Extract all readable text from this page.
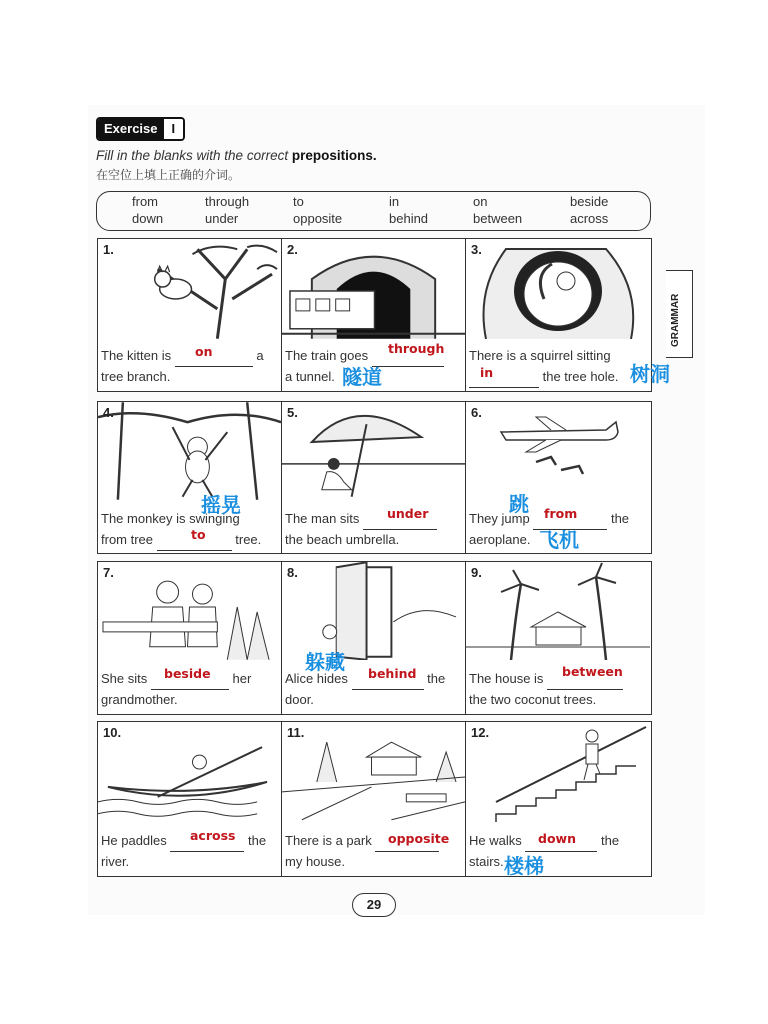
Exercise	I
Fill in the blanks with the correct prepositions.
在空位上填上正确的介词。
from	through	to	in	on	beside
down	under	opposite	behind	between	across
GRAMMAR
1.
The kitten is	a
tree branch.
on
2.
The train goes
a tunnel.
through
隧道
3.
There is a squirrel sitting
the tree hole.
in	树洞
4.
The monkey is swinging
from tree	tree.
to
摇晃
5.
The man sits
the beach umbrella.
under
6.
They jump	the
aeroplane.
from
跳
飞机
7.
She sits	her
grandmother.
beside
8.
Alice hides	the
door.
behind
躲藏
9.
The house is
the two coconut trees.
between
10.
He paddles	the
river.
across
11.
There is a park
my house.
opposite
12.
He walks	the
stairs.
down
楼梯
29
